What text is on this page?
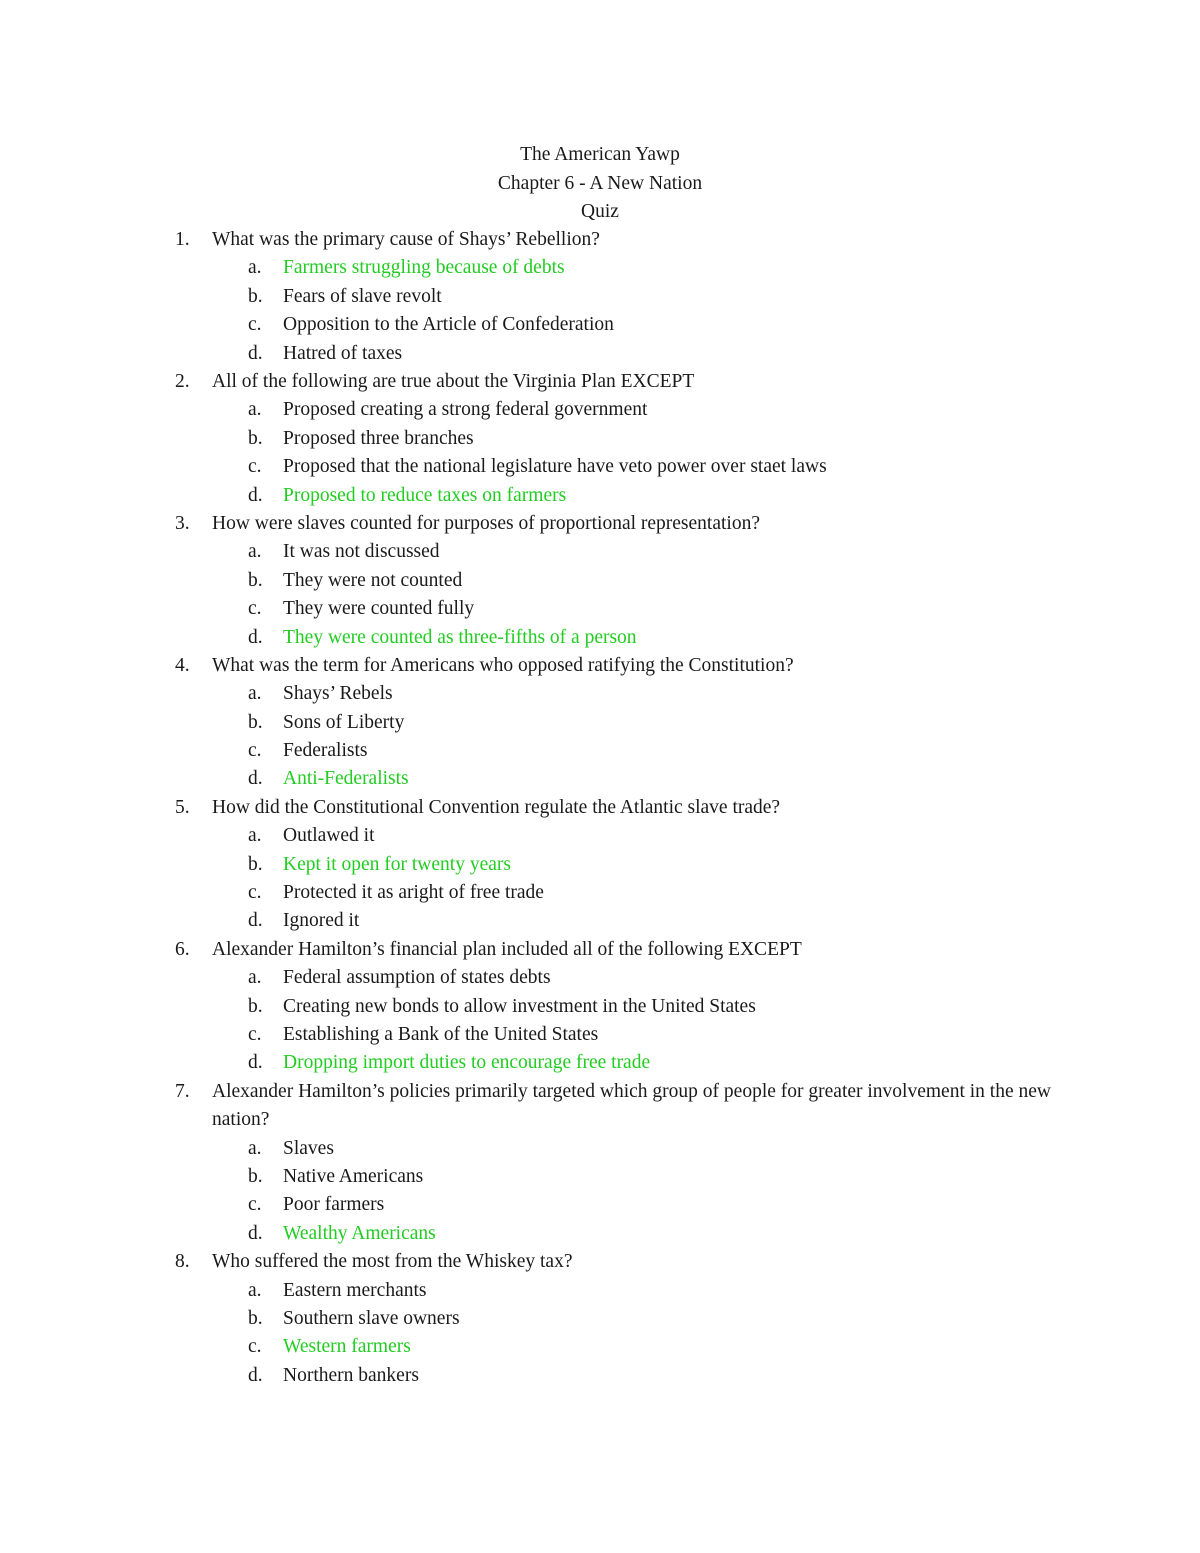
The American Yawp
Chapter 6 - A New Nation
Quiz
1.	What was the primary cause of Shays’ Rebellion?
a. Farmers struggling because of debts
b. Fears of slave revolt
c. Opposition to the Article of Confederation
d. Hatred of taxes
2.	All of the following are true about the Virginia Plan EXCEPT
a. Proposed creating a strong federal government
b. Proposed three branches
c. Proposed that the national legislature have veto power over staet laws
d. Proposed to reduce taxes on farmers
3.	How were slaves counted for purposes of proportional representation?
a. It was not discussed
b. They were not counted
c. They were counted fully
d. They were counted as three-fifths of a person
4.	What was the term for Americans who opposed ratifying the Constitution?
a. Shays’ Rebels
b. Sons of Liberty
c. Federalists
d. Anti-Federalists
5.	How did the Constitutional Convention regulate the Atlantic slave trade?
a. Outlawed it
b. Kept it open for twenty years
c. Protected it as aright of free trade
d. Ignored it
6.	Alexander Hamilton’s financial plan included all of the following EXCEPT
a. Federal assumption of states debts
b. Creating new bonds to allow investment in the United States
c. Establishing a Bank of the United States
d. Dropping import duties to encourage free trade
7.	Alexander Hamilton’s policies primarily targeted which group of people for greater involvement in the new nation?
a. Slaves
b. Native Americans
c. Poor farmers
d. Wealthy Americans
8.	Who suffered the most from the Whiskey tax?
a. Eastern merchants
b. Southern slave owners
c. Western farmers
d. Northern bankers
